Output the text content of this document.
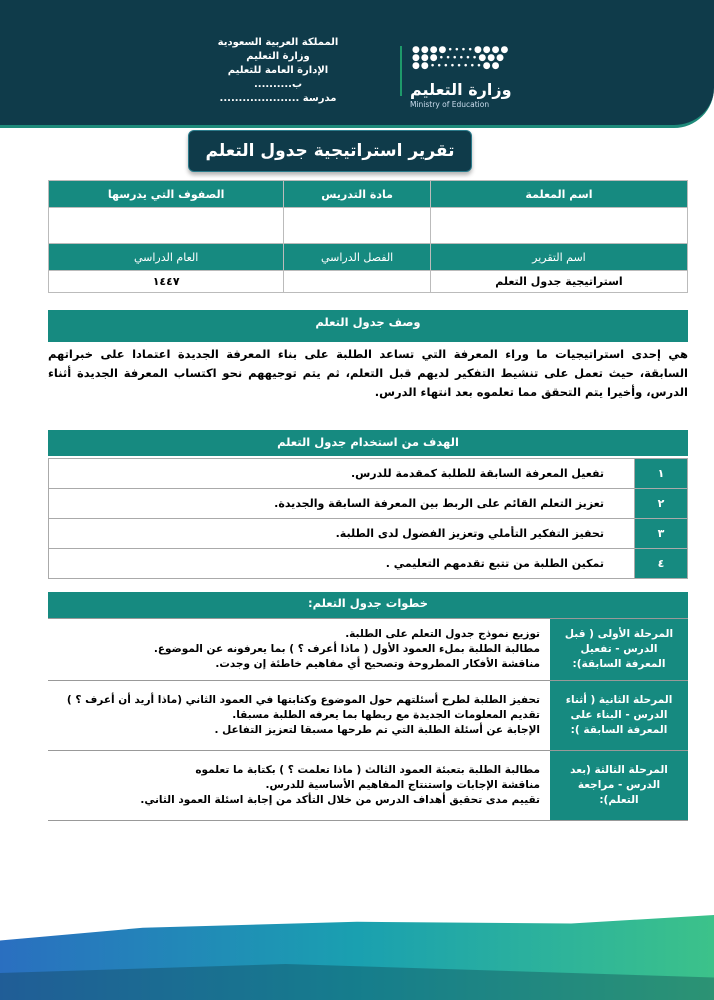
المملكة العربية السعودية
وزارة التعليم
الإدارة العامة للتعليم ب..........
مدرسة .....................
●●●●∙∙∙∙●●●●
●●●∙∙∙∙∙∙●●●
●●∙∙∙∙∙∙∙∙●●
وزارة التعليم
Ministry of Education
تقرير استراتيجية جدول التعلم
اسم المعلمة	مادة التدريس	الصفوف التي يدرسها

اسم التقرير	الفصل الدراسي	العام الدراسي
استراتيجية جدول التعلم		١٤٤٧
وصف جدول التعلم
هي إحدى استراتيجيات ما وراء المعرفة التي تساعد الطلبة على بناء المعرفة الجديدة اعتمادا على خبراتهم السابقة، حيث تعمل على تنشيط التفكير لديهم قبل التعلم، ثم يتم توجيههم نحو اكتساب المعرفة الجديدة أثناء الدرس، وأخيرا يتم التحقق مما تعلموه بعد انتهاء الدرس.
الهدف من استخدام جدول التعلم
١	تفعيل المعرفة السابقة للطلبة كمقدمة للدرس.
٢	تعزيز التعلم القائم على الربط بين المعرفة السابقة والجديدة.
٣	تحفيز التفكير التأملي وتعزيز الفضول لدى الطلبة.
٤	تمكين الطلبة من تتبع تقدمهم التعليمي .
خطوات جدول التعلم:
المرحلة الأولى ( قبل الدرس - تفعيل المعرفة السابقة):	توزيع نموذج جدول التعلم على الطلبة.
مطالبة الطلبة بملء العمود الأول ( ماذا أعرف ؟ ) بما يعرفونه عن الموضوع.
مناقشة الأفكار المطروحة وتصحيح أي مفاهيم خاطئة إن وجدت.

المرحلة الثانية ( أثناء الدرس - البناء على المعرفة السابقة ):	تحفيز الطلبة لطرح أسئلتهم حول الموضوع وكتابتها في العمود الثاني (ماذا أريد أن أعرف ؟ )
تقديم المعلومات الجديدة مع ربطها بما يعرفه الطلبة مسبقا.
الإجابة عن أسئلة الطلبة التي تم طرحها مسبقا لتعزيز التفاعل .

المرحلة الثالثة (بعد الدرس - مراجعة التعلم):	مطالبة الطلبة بتعبئة العمود الثالث ( ماذا تعلمت ؟ ) بكتابة ما تعلموه
مناقشة الإجابات واستنتاج المفاهيم الأساسية للدرس.
تقييم مدى تحقيق أهداف الدرس من خلال التأكد من إجابة اسئلة العمود الثاني.
